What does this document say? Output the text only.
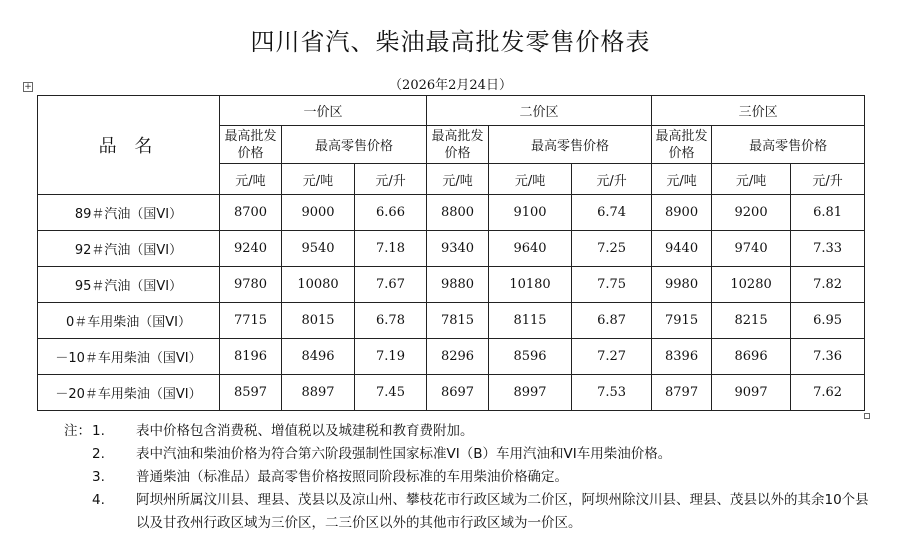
四川省汽、柴油最高批发零售价格表
+	（2026年2月24日）
品 名	一价区			二价区			三价区		
	最高批发价格	最高零售价格		最高批发价格	最高零售价格		最高批发价格	最高零售价格	
	元/吨	元/吨	元/升	元/吨	元/吨	元/升	元/吨	元/吨	元/升
89＃汽油（国VI）	8700	9000	6.66	8800	9100	6.74	8900	9200	6.81
92＃汽油（国VI）	9240	9540	7.18	9340	9640	7.25	9440	9740	7.33
95＃汽油（国VI）	9780	10080	7.67	9880	10180	7.75	9980	10280	7.82
0＃车用柴油（国VI）	7715	8015	6.78	7815	8115	6.87	7915	8215	6.95
－10＃车用柴油（国VI）	8196	8496	7.19	8296	8596	7.27	8396	8696	7.36
－20＃车用柴油（国VI）	8597	8897	7.45	8697	8997	7.53	8797	9097	7.62
注： 1. 表中价格包含消费税、增值税以及城建税和教育费附加。
2. 表中汽油和柴油价格为符合第六阶段强制性国家标准VI（B）车用汽油和VI车用柴油价格。
3. 普通柴油（标准品）最高零售价格按照同阶段标准的车用柴油价格确定。
4. 阿坝州所属汶川县、理县、茂县以及凉山州、攀枝花市行政区域为二价区，阿坝州除汶川县、理县、茂县以外的其余10个县以及甘孜州行政区域为三价区，二三价区以外的其他市行政区域为一价区。
